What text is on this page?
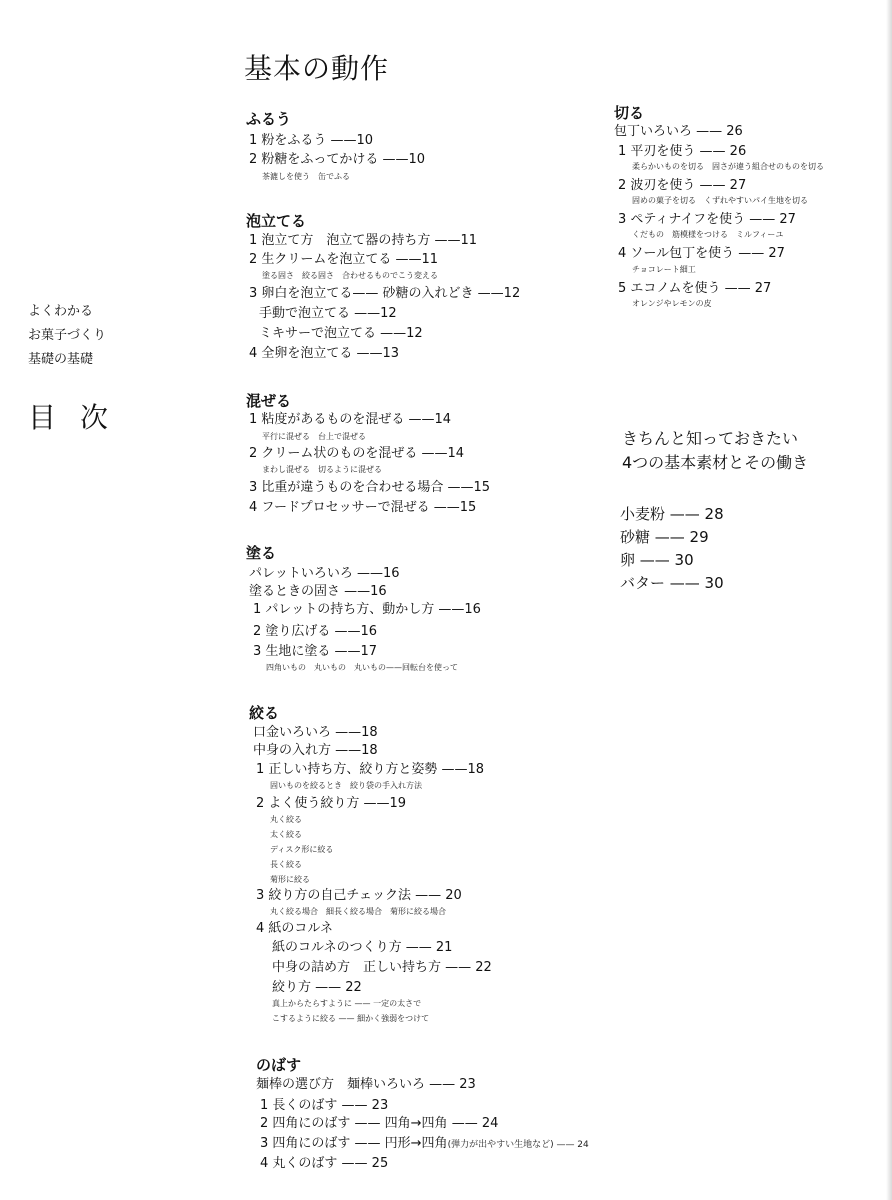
よくわかる
お菓子づくり
基礎の基礎
目次
基本の動作
ふるう
1 粉をふるう ——10
2 粉糖をふってかける ——10
茶漉しを使う　缶でふる
泡立てる
1 泡立て方　泡立て器の持ち方 ——11
2 生クリームを泡立てる ——11
塗る固さ　絞る固さ　合わせるものでこう変える
3 卵白を泡立てる—— 砂糖の入れどき ——12
手動で泡立てる ——12
ミキサーで泡立てる ——12
4 全卵を泡立てる ——13
混ぜる
1 粘度があるものを混ぜる ——14
平行に混ぜる　台上で混ぜる
2 クリーム状のものを混ぜる ——14
まわし混ぜる　切るように混ぜる
3 比重が違うものを合わせる場合 ——15
4 フードプロセッサーで混ぜる ——15
塗る
パレットいろいろ ——16
塗るときの固さ ——16
1 パレットの持ち方、動かし方 ——16
2 塗り広げる ——16
3 生地に塗る ——17
四角いもの　丸いもの　丸いもの——回転台を使って
絞る
口金いろいろ ——18
中身の入れ方 ——18
1 正しい持ち方、絞り方と姿勢 ——18
固いものを絞るとき　絞り袋の手入れ方法
2 よく使う絞り方 ——19
丸く絞る
太く絞る
ディスク形に絞る
長く絞る
菊形に絞る
3 絞り方の自己チェック法 —— 20
丸く絞る場合　細長く絞る場合　菊形に絞る場合
4 紙のコルネ
紙のコルネのつくり方 —— 21
中身の詰め方　正しい持ち方 —— 22
絞り方 —— 22
真上からたらすように —— 一定の太さで
こするように絞る —— 細かく強弱をつけて
のばす
麺棒の選び方　麺棒いろいろ —— 23
1 長くのばす —— 23
2 四角にのばす —— 四角→四角 —— 24
3 四角にのばす —— 円形→四角(弾力が出やすい生地など) —— 24
4 丸くのばす —— 25
切る
包丁いろいろ —— 26
1 平刃を使う —— 26
柔らかいものを切る　固さが違う組合せのものを切る
2 波刃を使う —— 27
固めの菓子を切る　くずれやすいパイ生地を切る
3 ペティナイフを使う —— 27
くだもの　筋模様をつける　ミルフィーユ
4 ソール包丁を使う —— 27
チョコレート細工
5 エコノムを使う —— 27
オレンジやレモンの皮
きちんと知っておきたい
4つの基本素材とその働き
小麦粉 —— 28
砂糖 —— 29
卵 —— 30
バター —— 30
